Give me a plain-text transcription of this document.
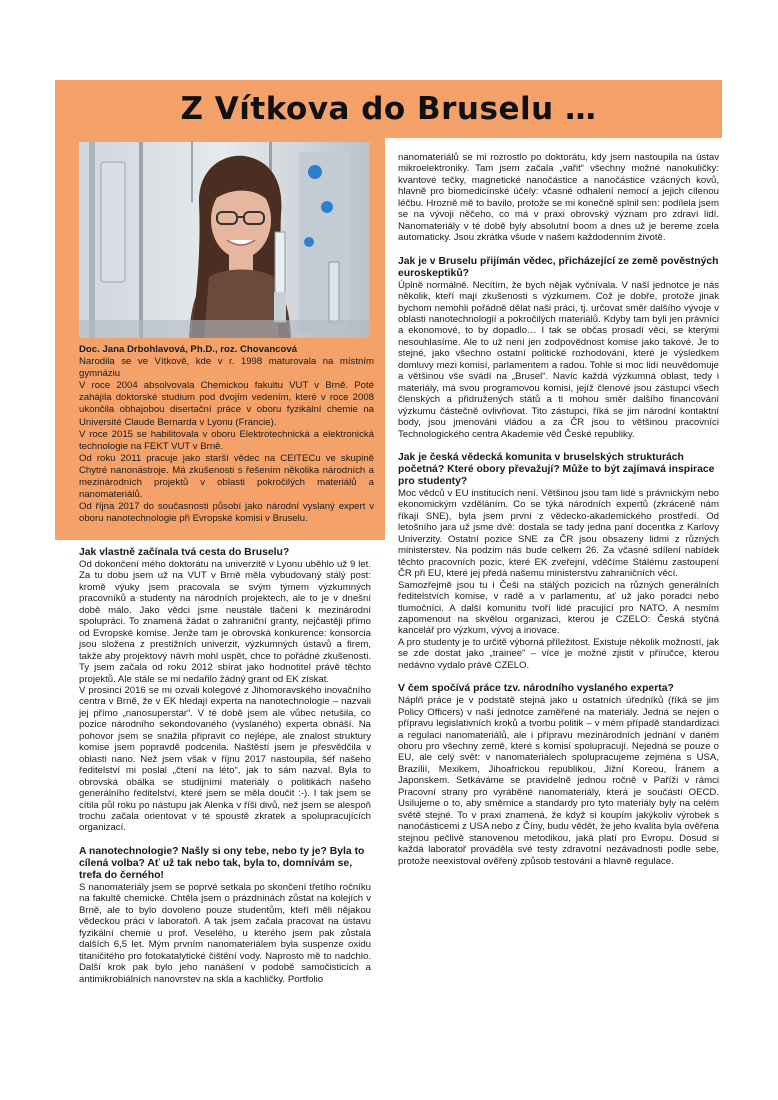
Z Vítkova do Bruselu …

Doc. Jana Drbohlavová, Ph.D., roz. Chovancová

Narodila se ve Vítkově, kde v r. 1998 maturovala na místním gymnáziu

V roce 2004 absolvovala Chemickou fakultu VUT v Brně. Poté zahájila doktorské studium pod dvojím vedením, které v roce 2008 ukončila obhajobou disertační práce v oboru fyzikální chemie na Université Claude Bernarda v Lyonu (Francie).

V roce 2015 se habilitovala v oboru Elektrotechnická a elektronická technologie na FEKT VUT v Brně.

Od roku 2011 pracuje jako starší vědec na CEITECu ve skupině Chytré nanonástroje. Má zkušenosti s řešením několika národních a mezinárodních projektů v oblasti pokročilých materiálů a nanomateriálů.

Od října 2017 do současnosti působí jako národní vyslaný expert v oboru nanotechnologie při Evropské komisi v Bruselu.

Jak vlastně začínala tvá cesta do Bruselu?

Od dokončení mého doktorátu na univerzitě v Lyonu uběhlo už 9 let. Za tu dobu jsem už na VUT v Brně měla vybudovaný stálý post: kromě výuky jsem pracovala se svým týmem výzkumných pracovníků a studenty na národních projektech, ale to je v dnešní době málo. Jako vědci jsme neustále tlačeni k mezinárodní spolupráci. To znamená žádat o zahraniční granty, nejčastěji přímo od Evropské komise. Jenže tam je obrovská konkurence: konsorcia jsou složena z prestižních univerzit, výzkumných ústavů a firem, takže aby projektový návrh mohl uspět, chce to pořádné zkušenosti. Ty jsem začala od roku 2012 sbírat jako hodnotitel právě těchto projektů. Ale stále se mi nedařilo žádný grant od EK získat.

V prosinci 2016 se mi ozvali kolegové z Jihomoravského inovačního centra v Brně, že v EK hledají experta na nanotechnologie – nazvali jej přímo „nanosuperstar“. V té době jsem ale vůbec netušila, co pozice národního sekondovaného (vyslaného) experta obnáší. Na pohovor jsem se snažila připravit co nejlépe, ale znalost struktury komise jsem popravdě podcenila. Naštěstí jsem je přesvědčila v oblasti nano. Než jsem však v říjnu 2017 nastoupila, šéf našeho ředitelství mi poslal „čtení na léto“, jak to sám nazval. Byla to obrovská obálka se studijními materiály o politikách našeho generálního ředitelství, které jsem se měla doučit :-). I tak jsem se cítila půl roku po nástupu jak Alenka v říši divů, než jsem se alespoň trochu začala orientovat v té spoustě zkratek a spolupracujících organizací.

A nanotechnologie? Našly si ony tebe, nebo ty je? Byla to cílená volba? Ať už tak nebo tak, byla to, domnívám se, trefa do černého!

S nanomateriály jsem se poprvé setkala po skončení třetího ročníku na fakultě chemické. Chtěla jsem o prázdninách zůstat na kolejích v Brně, ale to bylo dovoleno pouze studentům, kteří měli nějakou vědeckou práci v laboratoři. A tak jsem začala pracovat na ústavu fyzikální chemie u prof. Veselého, u kterého jsem pak zůstala dalších 6,5 let. Mým prvním nanomateriálem byla suspenze oxidu titaničitého pro fotokatalytické čištění vody. Naprosto mě to nadchlo. Další krok pak bylo jeho nanášení v podobě samočisticích a antimikrobiálních nanovrstev na skla a kachličky. Portfolio

nanomateriálů se mi rozrostlo po doktorátu, kdy jsem nastoupila na ústav mikroelektroniky. Tam jsem začala „vařit“ všechny možné nanokuličky: kvantové tečky, magnetické nanočástice a nanočástice vzácných kovů, hlavně pro biomedicínské účely: včasné odhalení nemocí a jejich cílenou léčbu. Hrozně mě to bavilo, protože se mi konečně splnil sen: podílela jsem se na vývoji něčeho, co má v praxi obrovský význam pro zdraví lidí. Nanomateriály v té době byly absolutní boom a dnes už je bereme zcela automaticky. Jsou zkrátka všude v našem každodenním životě.

Jak je v Bruselu přijímán vědec, přicházející ze země pověstných euroskeptiků?

Úplně normálně. Necítím, že bych nějak vyčnívala. V naší jednotce je nás několik, kteří mají zkušenosti s výzkumem. Což je dobře, protože jinak bychom nemohli pořádně dělat naši práci, tj. určovat směr dalšího vývoje v oblasti nanotechnologií a pokročilých materiálů. Kdyby tam byli jen právníci a ekonomové, to by dopadlo… I tak se občas prosadí věci, se kterými nesouhlasíme. Ale to už není jen zodpovědnost komise jako takové. Je to stejné, jako všechno ostatní politické rozhodování, které je výsledkem domluvy mezi komisí, parlamentem a radou. Tohle si moc lidí neuvědomuje a většinou vše svádí na „Brusel“. Navíc každá výzkumná oblast, tedy i materiály, má svou programovou komisi, jejíž členové jsou zástupci všech členských a přidružených států a ti mohou směr dalšího financování výzkumu částečně ovlivňovat. Tito zástupci, říká se jim národní kontaktní body, jsou jmenováni vládou a za ČR jsou to většinou pracovníci Technologického centra Akademie věd České republiky.

Jak je česká vědecká komunita v bruselských strukturách početná? Které obory převažují? Může to být zajímavá inspirace pro studenty?

Moc vědců v EU institucích není. Většinou jsou tam lidé s právnickým nebo ekonomickým vzděláním. Co se týká národních expertů (zkráceně nám říkají SNE), byla jsem první z vědecko-akademického prostředí. Od letošního jara už jsme dvě: dostala se tady jedna paní docentka z Karlovy Univerzity. Ostatní pozice SNE za ČR jsou obsazeny lidmi z různých ministerstev. Na podzim nás bude celkem 26. Za včasné sdílení nabídek těchto pracovních pozic, které EK zveřejní, vděčíme Stálému zastoupení ČR při EU, které jej předá našemu ministerstvu zahraničních věcí.

Samozřejmě jsou tu i Češi na stálých pozicích na různých generálních ředitelstvích komise, v radě a v parlamentu, ať už jako poradci nebo tlumočníci. A další komunitu tvoří lidé pracující pro NATO. A nesmím zapomenout na skvělou organizaci, kterou je CZELO: Česká styčná kancelář pro výzkum, vývoj a inovace.

A pro studenty je to určitě výborná příležitost. Existuje několik možností, jak se zde dostat jako „trainee“ – více je možné zjistit v příručce, kterou nedávno vydalo právě CZELO.

V čem spočívá práce tzv. národního vyslaného experta?

Náplň práce je v podstatě stejná jako u ostatních úředníků (říká se jim Policy Officers) v naší jednotce zaměřené na materiály. Jedná se nejen o přípravu legislativních kroků a tvorbu politik – v mém případě standardizaci a regulaci nanomateriálů, ale i přípravu mezinárodních jednání v daném oboru pro všechny země, které s komisí spolupracují. Nejedná se pouze o EU, ale celý svět: v nanomateriálech spolupracujeme zejména s USA, Brazílií, Mexikem, Jihoafrickou republikou, Jižní Koreou, Íránem a Japonskem. Setkáváme se pravidelně jednou ročně v Paříži v rámci Pracovní strany pro vyráběné nanomateriály, která je součástí OECD. Usilujeme o to, aby směrnice a standardy pro tyto materiály byly na celém světě stejné. To v praxi znamená, že když si koupím jakýkoliv výrobek s nanočásticemi z USA nebo z Číny, budu vědět, že jeho kvalita byla ověřena stejnou pečlivě stanovenou metodikou, jaká platí pro Evropu. Dosud si každá laboratoř prováděla své testy zdravotní nezávadnosti podle sebe, protože neexistoval ověřený způsob testování a hlavně regulace.
